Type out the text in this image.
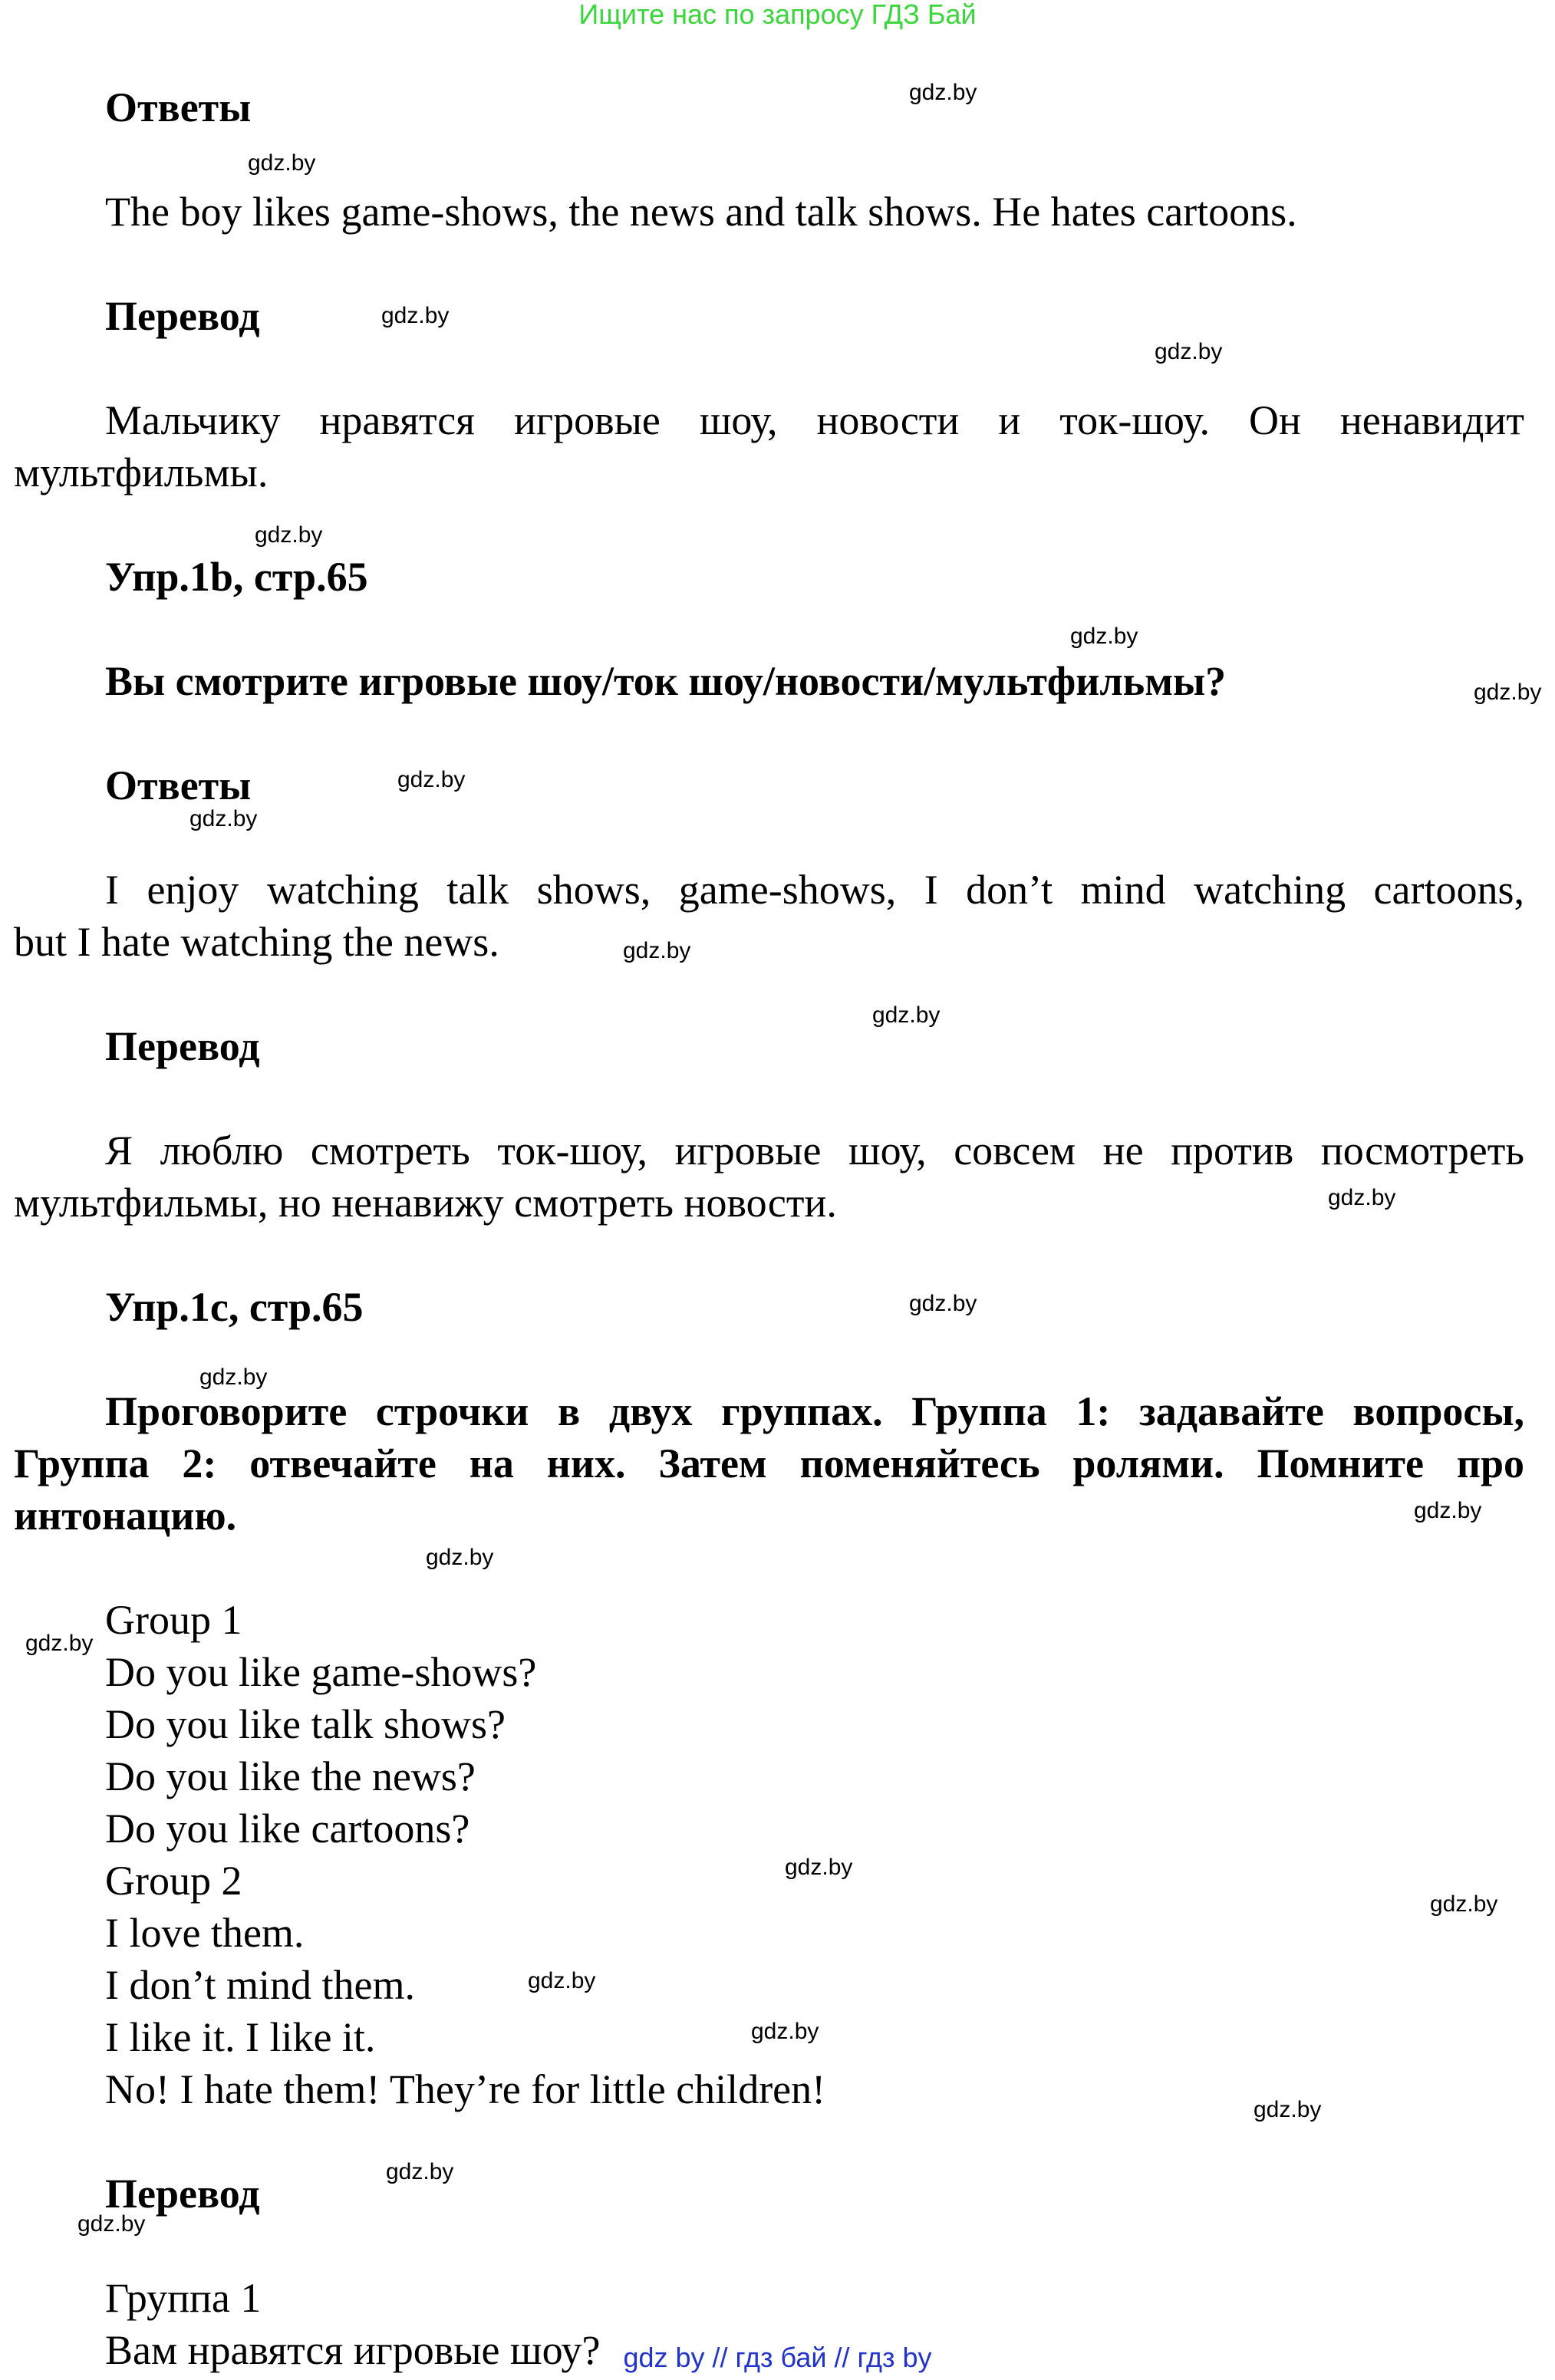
Ищите нас по запросу ГДЗ Бай
Ответы
The boy likes game-shows, the news and talk shows. He hates cartoons.
Перевод
Мальчику нравятся игровые шоу, новости и ток-шоу. Он ненавидит
мультфильмы.
Упр.1b, стр.65
Вы смотрите игровые шоу/ток шоу/новости/мультфильмы?
Ответы
I enjoy watching talk shows, game-shows, I don’t mind watching cartoons,
but I hate watching the news.
Перевод
Я люблю смотреть ток-шоу, игровые шоу, совсем не против посмотреть
мультфильмы, но ненавижу смотреть новости.
Упр.1c, стр.65
Проговорите строчки в двух группах. Группа 1: задавайте вопросы,
Группа 2: отвечайте на них. Затем поменяйтесь ролями. Помните про
интонацию.
Group 1
Do you like game-shows?
Do you like talk shows?
Do you like the news?
Do you like cartoons?
Group 2
I love them.
I don’t mind them.
I like it. I like it.
No! I hate them! They’re for little children!
Перевод
Группа 1
Вам нравятся игровые шоу?
gdz.by
gdz.by
gdz.by
gdz.by
gdz.by
gdz.by
gdz.by
gdz.by
gdz.by
gdz.by
gdz.by
gdz.by
gdz.by
gdz.by
gdz.by
gdz.by
gdz.by
gdz.by
gdz.by
gdz.by
gdz.by
gdz.by
gdz.by
gdz.by
gdz by // гдз бай // гдз by
